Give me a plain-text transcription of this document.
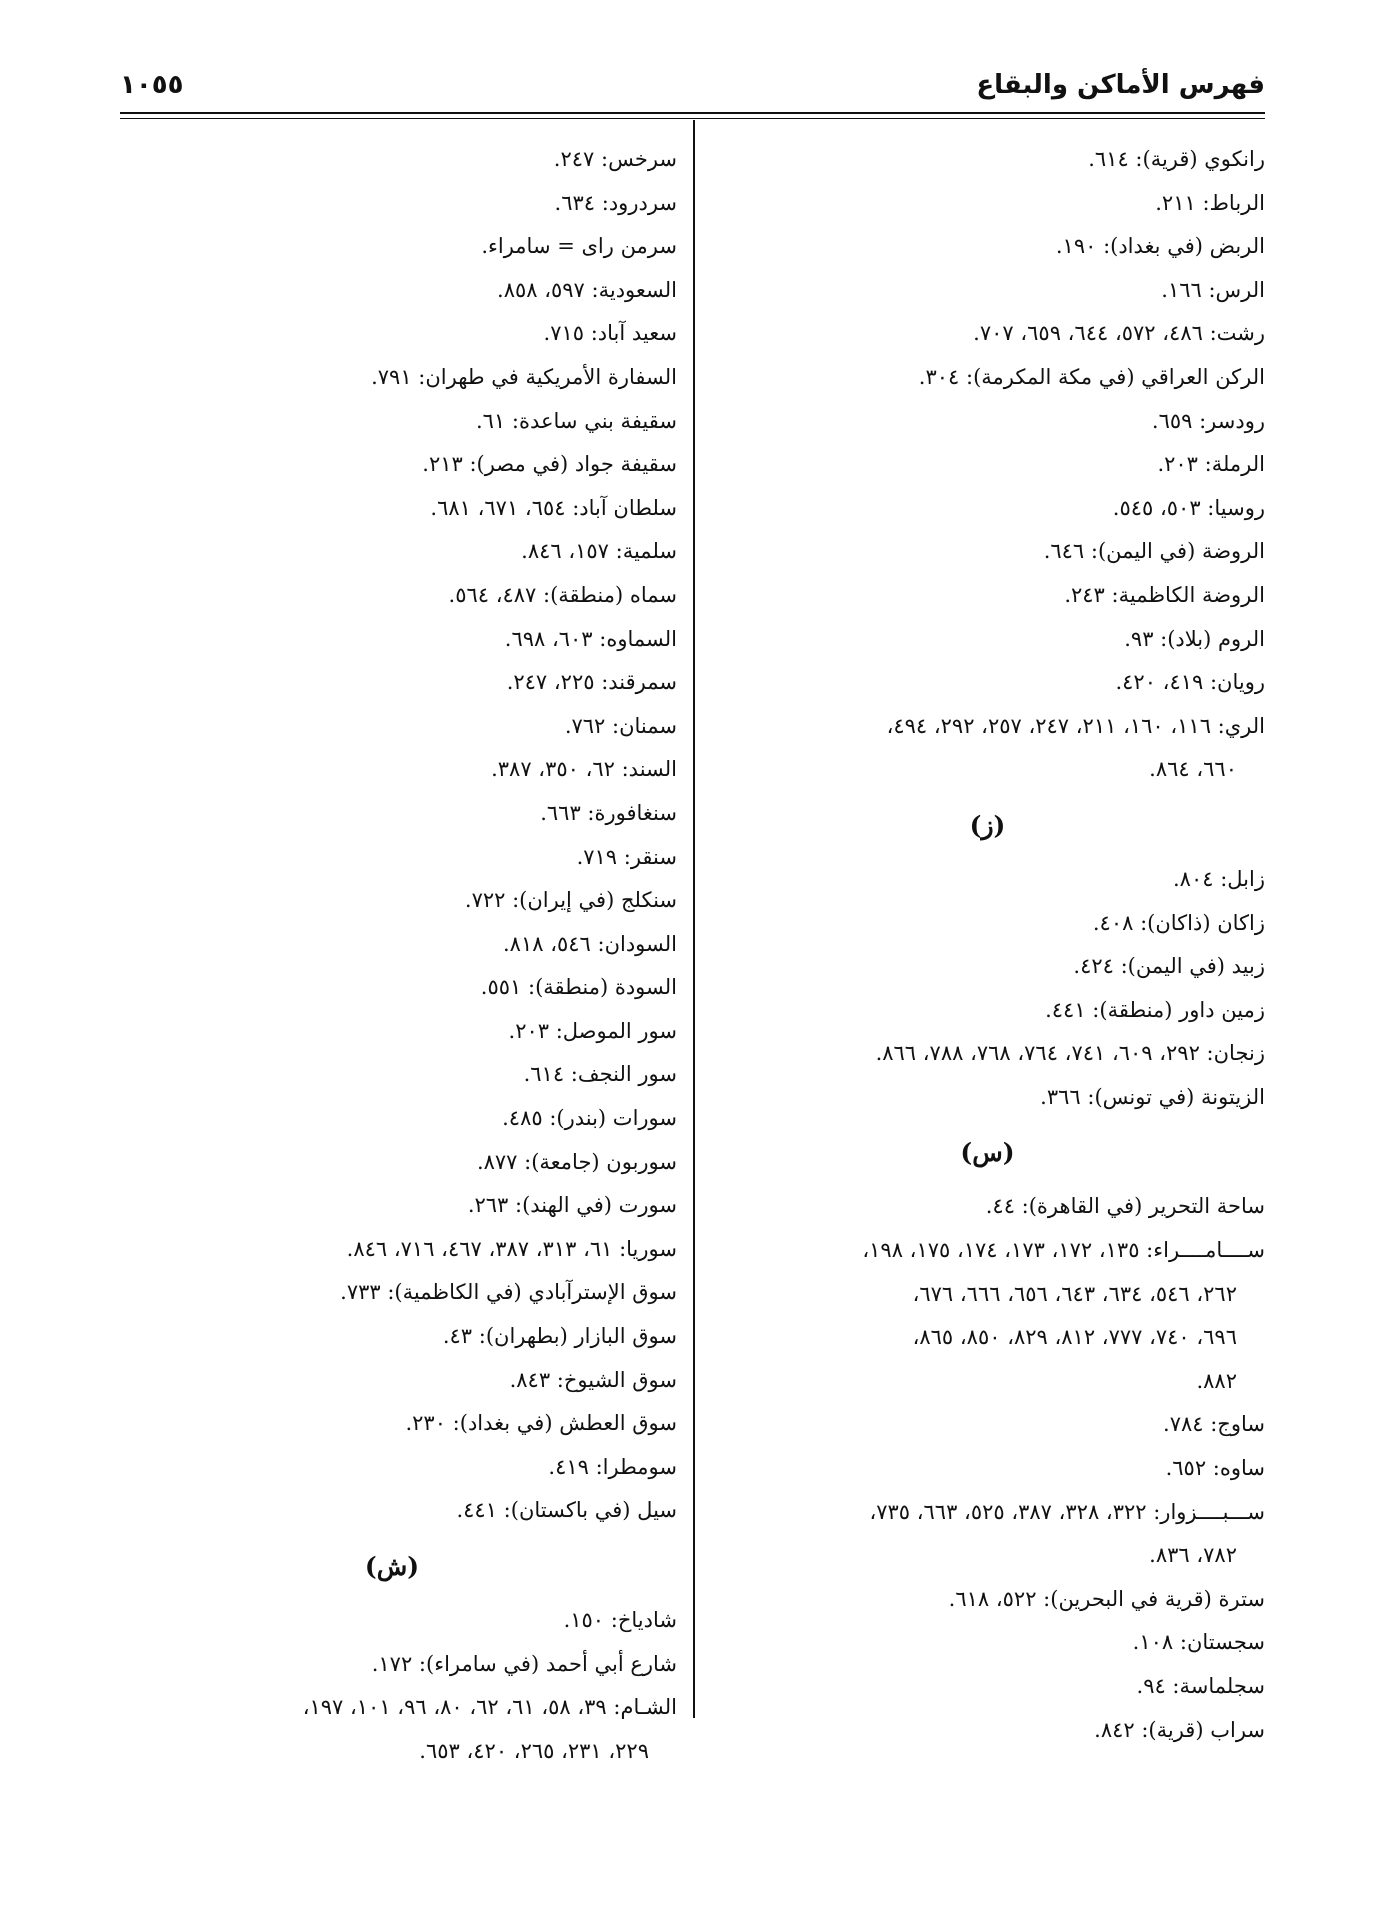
فهرس الأماكن والبقاع
١٠٥٥
رانكوي (قرية): ٦١٤.
الرباط: ٢١١.
الربض (في بغداد): ١٩٠.
الرس: ١٦٦.
رشت: ٤٨٦، ٥٧٢، ٦٤٤، ٦٥٩، ٧٠٧.
الركن العراقي (في مكة المكرمة): ٣٠٤.
رودسر: ٦٥٩.
الرملة: ٢٠٣.
روسيا: ٥٠٣، ٥٤٥.
الروضة (في اليمن): ٦٤٦.
الروضة الكاظمية: ٢٤٣.
الروم (بلاد): ٩٣.
رويان: ٤١٩، ٤٢٠.
الري: ١١٦، ١٦٠، ٢١١، ٢٤٧، ٢٥٧، ٢٩٢، ٤٩٤،
٦٦٠، ٨٦٤.
(ز)
زابل: ٨٠٤.
زاكان (ذاكان): ٤٠٨.
زبيد (في اليمن): ٤٢٤.
زمين داور (منطقة): ٤٤١.
زنجان: ٢٩٢، ٦٠٩، ٧٤١، ٧٦٤، ٧٦٨، ٧٨٨، ٨٦٦.
الزيتونة (في تونس): ٣٦٦.
(س)
ساحة التحرير (في القاهرة): ٤٤.
ســــامــــراء: ١٣٥، ١٧٢، ١٧٣، ١٧٤، ١٧٥، ١٩٨،
٢٦٢، ٥٤٦، ٦٣٤، ٦٤٣، ٦٥٦، ٦٦٦، ٦٧٦،
٦٩٦، ٧٤٠، ٧٧٧، ٨١٢، ٨٢٩، ٨٥٠، ٨٦٥،
٨٨٢.
ساوج: ٧٨٤.
ساوه: ٦٥٢.
ســـبــــزوار: ٣٢٢، ٣٢٨، ٣٨٧، ٥٢٥، ٦٦٣، ٧٣٥،
٧٨٢، ٨٣٦.
سترة (قرية في البحرين): ٥٢٢، ٦١٨.
سجستان: ١٠٨.
سجلماسة: ٩٤.
سراب (قرية): ٨٤٢.
سرخس: ٢٤٧.
سردرود: ٦٣٤.
سرمن راى = سامراء.
السعودية: ٥٩٧، ٨٥٨.
سعيد آباد: ٧١٥.
السفارة الأمريكية في طهران: ٧٩١.
سقيفة بني ساعدة: ٦١.
سقيفة جواد (في مصر): ٢١٣.
سلطان آباد: ٦٥٤، ٦٧١، ٦٨١.
سلمية: ١٥٧، ٨٤٦.
سماه (منطقة): ٤٨٧، ٥٦٤.
السماوه: ٦٠٣، ٦٩٨.
سمرقند: ٢٢٥، ٢٤٧.
سمنان: ٧٦٢.
السند: ٦٢، ٣٥٠، ٣٨٧.
سنغافورة: ٦٦٣.
سنقر: ٧١٩.
سنكلج (في إيران): ٧٢٢.
السودان: ٥٤٦، ٨١٨.
السودة (منطقة): ٥٥١.
سور الموصل: ٢٠٣.
سور النجف: ٦١٤.
سورات (بندر): ٤٨٥.
سوربون (جامعة): ٨٧٧.
سورت (في الهند): ٢٦٣.
سوريا: ٦١، ٣١٣، ٣٨٧، ٤٦٧، ٧١٦، ٨٤٦.
سوق الإسترآبادي (في الكاظمية): ٧٣٣.
سوق البازار (بطهران): ٤٣.
سوق الشيوخ: ٨٤٣.
سوق العطش (في بغداد): ٢٣٠.
سومطرا: ٤١٩.
سيل (في باكستان): ٤٤١.
(ش)
شادياخ: ١٥٠.
شارع أبي أحمد (في سامراء): ١٧٢.
الشـام: ٣٩، ٥٨، ٦١، ٦٢، ٨٠، ٩٦، ١٠١، ١٩٧،
٢٢٩، ٢٣١، ٢٦٥، ٤٢٠، ٦٥٣.
